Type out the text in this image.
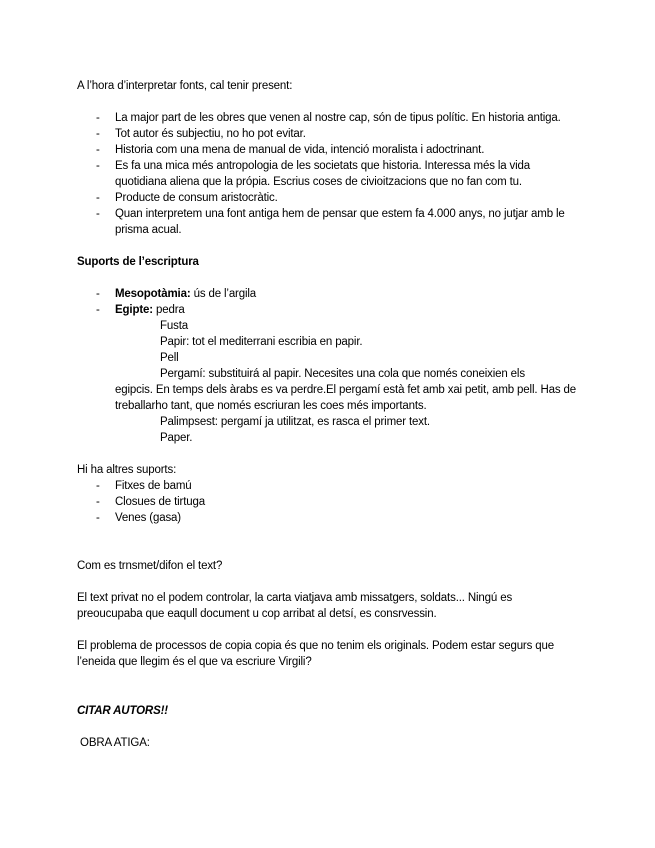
A l’hora d’interpretar fonts, cal tenir present:

- La major part de les obres que venen al nostre cap, són de tipus polític. En historia antiga.
- Tot autor és subjectiu, no ho pot evitar.
- Historia com una mena de manual de vida, intenció moralista i adoctrinant.
- Es fa una mica més antropologia de les societats que historia. Interessa més la vida quotidiana aliena que la própia. Escrius coses de civioitzacions que no fan com tu.
- Producte de consum aristocràtic.
- Quan interpretem una font antiga hem de pensar que estem fa 4.000 anys, no jutjar amb le prisma acual.

Suports de l’escriptura

- Mesopotàmia: ús de l’argila
- Egipte: pedra
Fusta
Papir: tot el mediterrani escribia en papir.
Pell
Pergamí: substituirá al papir. Necesites una cola que només coneixien els
egipcis. En temps dels àrabs es va perdre.El pergamí està fet amb xai petit, amb pell. Has de treballarho tant, que només escriuran les coes més importants.
Palimpsest: pergamí ja utilitzat, es rasca el primer text.
Paper.

Hi ha altres suports:

- Fitxes de bamú
- Closues de tirtuga
- Venes (gasa)

Com es trnsmet/difon el text?

El text privat no el podem controlar, la carta viatjava amb missatgers, soldats... Ningú es preoucupaba que eaqull document u cop arribat al detsí, es consrvessin.

El problema de processos de copia copia és que no tenim els originals. Podem estar segurs que l’eneida que llegim és el que va escriure Virgili?

CITAR AUTORS!!

OBRA ATIGA:
